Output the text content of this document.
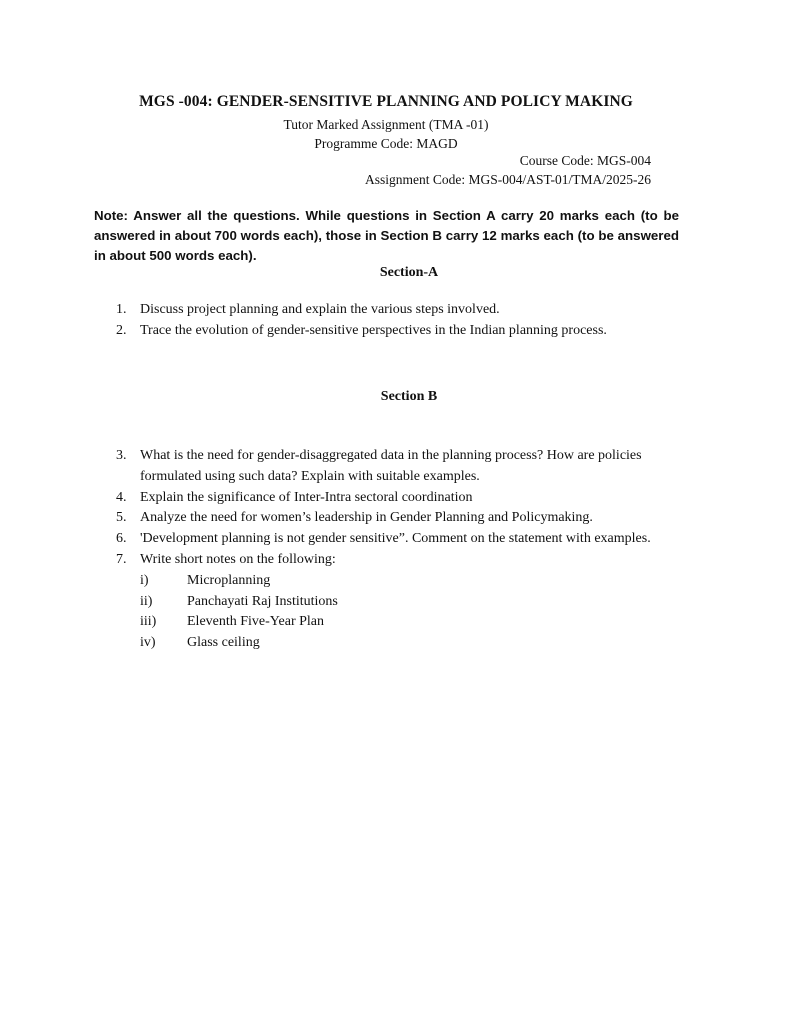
MGS -004: GENDER-SENSITIVE PLANNING AND POLICY MAKING
Tutor Marked Assignment (TMA -01)
Programme Code: MAGD
Course Code: MGS-004
Assignment Code: MGS-004/AST-01/TMA/2025-26
Note: Answer all the questions. While questions in Section A carry 20 marks each (to be answered in about 700 words each), those in Section B carry 12 marks each (to be answered in about 500 words each).
Section-A
1. Discuss project planning and explain the various steps involved.
2. Trace the evolution of gender-sensitive perspectives in the Indian planning process.
Section B
3. What is the need for gender-disaggregated data in the planning process? How are policies formulated using such data? Explain with suitable examples.
4. Explain the significance of Inter-Intra sectoral coordination
5. Analyze the need for women’s leadership in Gender Planning and Policymaking.
6. 'Development planning is not gender sensitive”. Comment on the statement with examples.
7. Write short notes on the following:
i)	Microplanning
ii) Panchayati Raj Institutions
iii) Eleventh Five-Year Plan
iv) Glass ceiling
